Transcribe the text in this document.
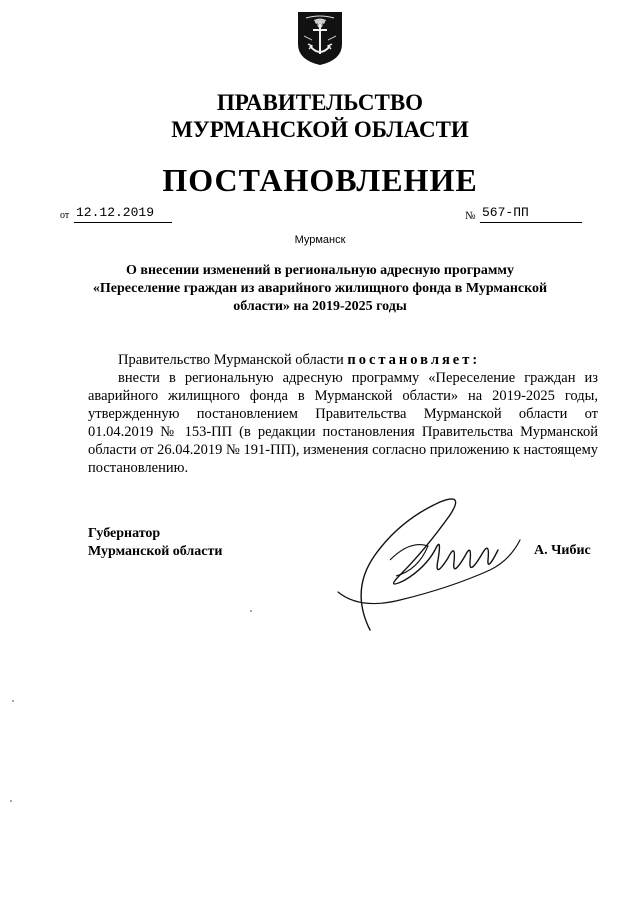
ПРАВИТЕЛЬСТВО
МУРМАНСКОЙ ОБЛАСТИ
ПОСТАНОВЛЕНИЕ
от 12.12.2019	№ 567-ПП
Мурманск
О внесении изменений в региональную адресную программу
«Переселение граждан из аварийного жилищного фонда в Мурманской
области» на 2019-2025 годы
Правительство Мурманской области постановляет:
внести в региональную адресную программу «Переселение граждан из аварийного жилищного фонда в Мурманской области» на 2019-2025 годы, утвержденную постановлением Правительства Мурманской области от 01.04.2019 № 153-ПП (в редакции постановления Правительства Мурманской области от 26.04.2019 № 191-ПП), изменения согласно приложению к настоящему постановлению.
Губернатор
Мурманской области	А. Чибис
